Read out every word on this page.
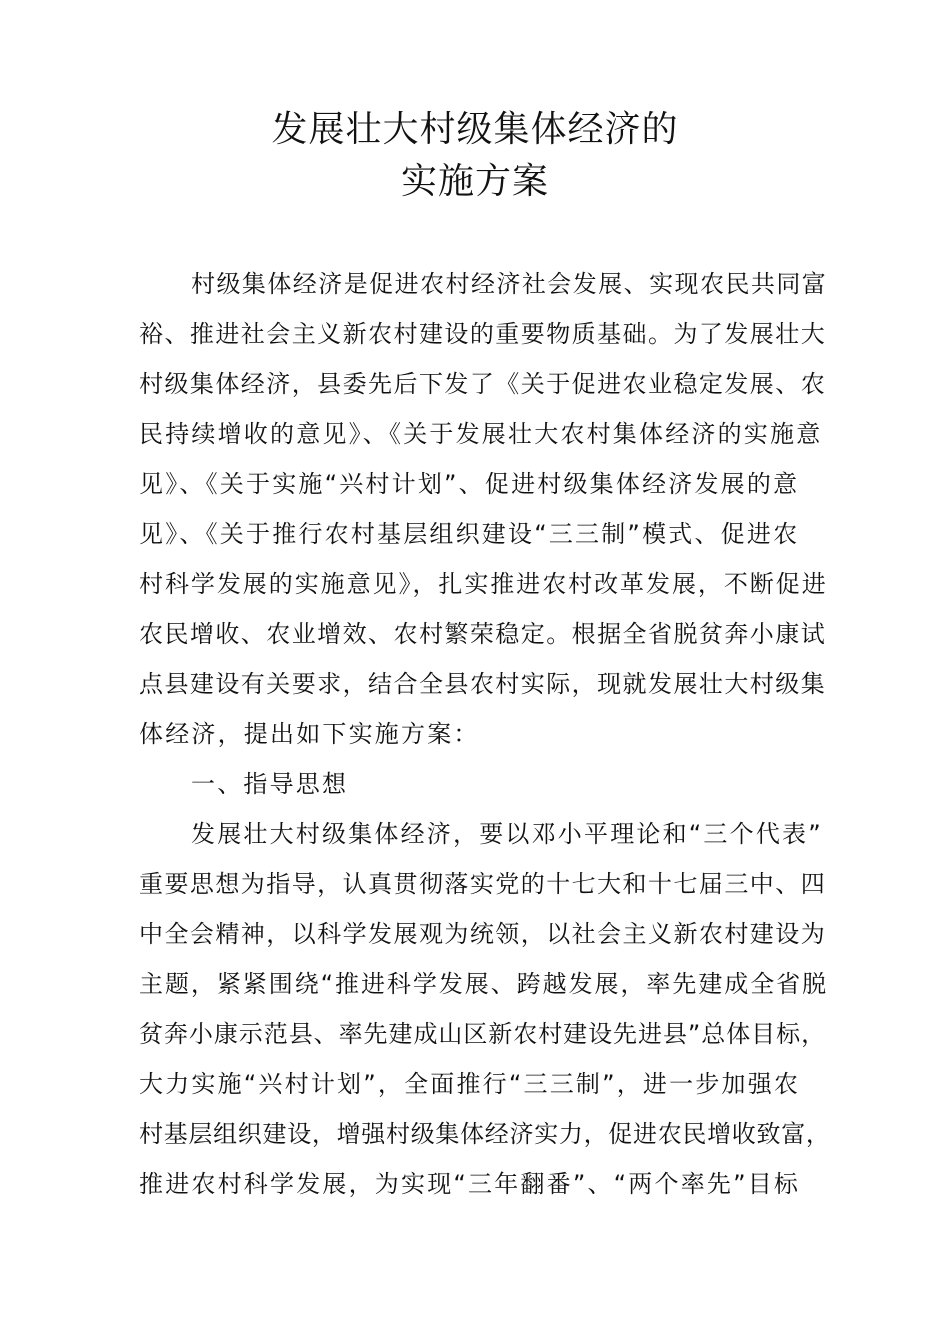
发展壮大村级集体经济的
实施方案
村级集体经济是促进农村经济社会发展、实现农民共同富
裕、推进社会主义新农村建设的重要物质基础。为了发展壮大
村级集体经济，县委先后下发了《关于促进农业稳定发展、农
民持续增收的意见》、《关于发展壮大农村集体经济的实施意
见》、《关于实施“兴村计划”、促进村级集体经济发展的意
见》、《关于推行农村基层组织建设“三三制”模式、促进农
村科学发展的实施意见》，扎实推进农村改革发展，不断促进
农民增收、农业增效、农村繁荣稳定。根据全省脱贫奔小康试
点县建设有关要求，结合全县农村实际，现就发展壮大村级集
体经济，提出如下实施方案：
一、指导思想
发展壮大村级集体经济，要以邓小平理论和“三个代表”
重要思想为指导，认真贯彻落实党的十七大和十七届三中、四
中全会精神，以科学发展观为统领，以社会主义新农村建设为
主题，紧紧围绕“推进科学发展、跨越发展，率先建成全省脱
贫奔小康示范县、率先建成山区新农村建设先进县”总体目标，
大力实施“兴村计划”，全面推行“三三制”，进一步加强农
村基层组织建设，增强村级集体经济实力，促进农民增收致富，
推进农村科学发展，为实现“三年翻番”、“两个率先”目标
